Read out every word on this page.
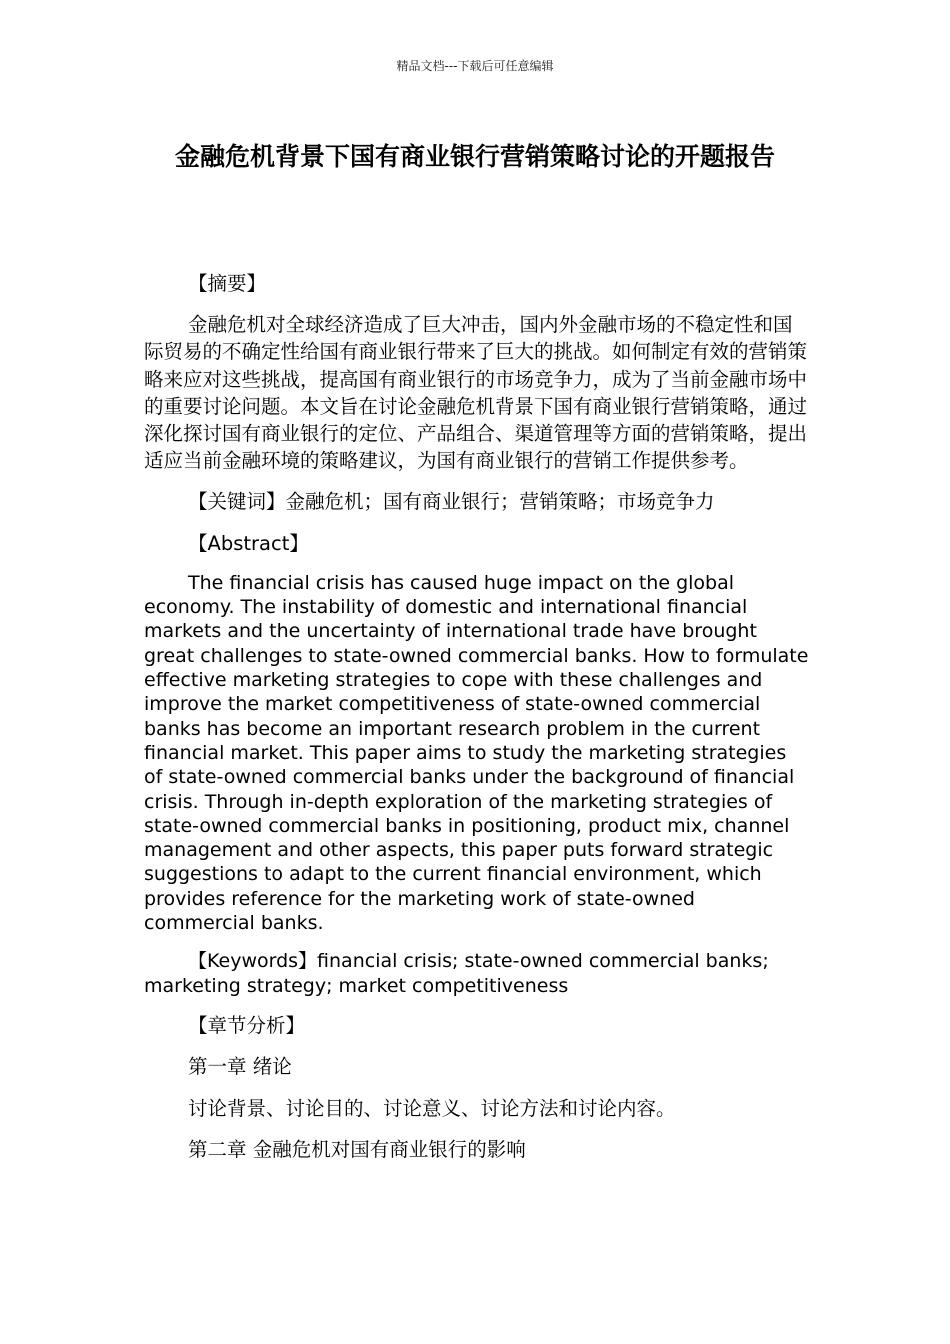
精品文档---下载后可任意编辑
金融危机背景下国有商业银行营销策略讨论的开题报告

【摘要】

金融危机对全球经济造成了巨大冲击，国内外金融市场的不稳定性和国际贸易的不确定性给国有商业银行带来了巨大的挑战。如何制定有效的营销策略来应对这些挑战，提高国有商业银行的市场竞争力，成为了当前金融市场中的重要讨论问题。本文旨在讨论金融危机背景下国有商业银行营销策略，通过深化探讨国有商业银行的定位、产品组合、渠道管理等方面的营销策略，提出适应当前金融环境的策略建议，为国有商业银行的营销工作提供参考。

【关键词】金融危机；国有商业银行；营销策略；市场竞争力

【Abstract】

The financial crisis has caused huge impact on the global economy. The instability of domestic and international financial markets and the uncertainty of international trade have brought great challenges to state-owned commercial banks. How to formulate effective marketing strategies to cope with these challenges and improve the market competitiveness of state-owned commercial banks has become an important research problem in the current financial market. This paper aims to study the marketing strategies of state-owned commercial banks under the background of financial crisis. Through in-depth exploration of the marketing strategies of state-owned commercial banks in positioning, product mix, channel management and other aspects, this paper puts forward strategic suggestions to adapt to the current financial environment, which provides reference for the marketing work of state-owned commercial banks.

【Keywords】financial crisis; state-owned commercial banks; marketing strategy; market competitiveness

【章节分析】

第一章 绪论

讨论背景、讨论目的、讨论意义、讨论方法和讨论内容。

第二章 金融危机对国有商业银行的影响
